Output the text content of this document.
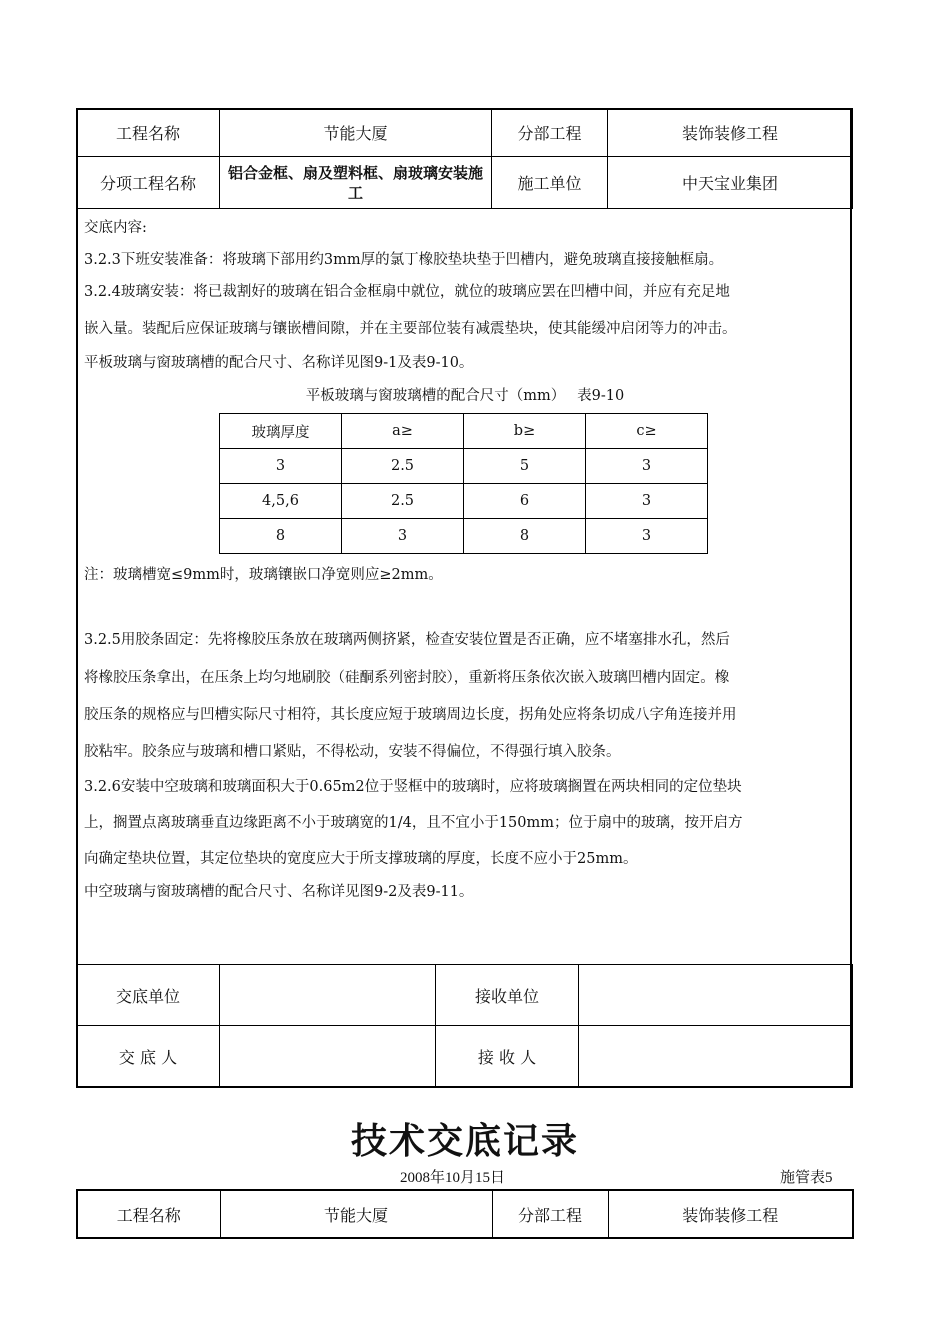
工程名称	节能大厦	分部工程	装饰装修工程
分项工程名称	铝合金框、扇及塑料框、扇玻璃安装施工	施工单位	中天宝业集团
交底内容:
3.2.3下班安装准备：将玻璃下部用约3mm厚的氯丁橡胶垫块垫于凹槽内，避免玻璃直接接触框扇。
3.2.4玻璃安装：将已裁割好的玻璃在铝合金框扇中就位，就位的玻璃应罢在凹槽中间，并应有充足地
嵌入量。装配后应保证玻璃与镶嵌槽间隙，并在主要部位装有减震垫块，使其能缓冲启闭等力的冲击。
平板玻璃与窗玻璃槽的配合尺寸、名称详见图9-1及表9-10。
注：玻璃槽宽≤9mm时，玻璃镶嵌口净宽则应≥2mm。
3.2.5用胶条固定：先将橡胶压条放在玻璃两侧挤紧，检查安装位置是否正确，应不堵塞排水孔，然后
将橡胶压条拿出，在压条上均匀地刷胶（硅酮系列密封胶），重新将压条依次嵌入玻璃凹槽内固定。橡
胶压条的规格应与凹槽实际尺寸相符，其长度应短于玻璃周边长度，拐角处应将条切成八字角连接并用
胶粘牢。胶条应与玻璃和槽口紧贴，不得松动，安装不得偏位，不得强行填入胶条。
3.2.6安装中空玻璃和玻璃面积大于0.65m2位于竖框中的玻璃时，应将玻璃搁置在两块相同的定位垫块
上，搁置点离玻璃垂直边缘距离不小于玻璃宽的1/4，且不宜小于150mm；位于扇中的玻璃，按开启方
向确定垫块位置，其定位垫块的宽度应大于所支撑玻璃的厚度，长度不应小于25mm。
中空玻璃与窗玻璃槽的配合尺寸、名称详见图9-2及表9-11。
平板玻璃与窗玻璃槽的配合尺寸（mm）　 表9-10
玻璃厚度	a≥	b≥	c≥
3	2.5	5	3
4,5,6	2.5	6	3
8	3	8	3
交底单位		接收单位	
交 底 人		接 收 人	
技术交底记录
2008年10月15日	施管表5
工程名称	节能大厦	分部工程	装饰装修工程
